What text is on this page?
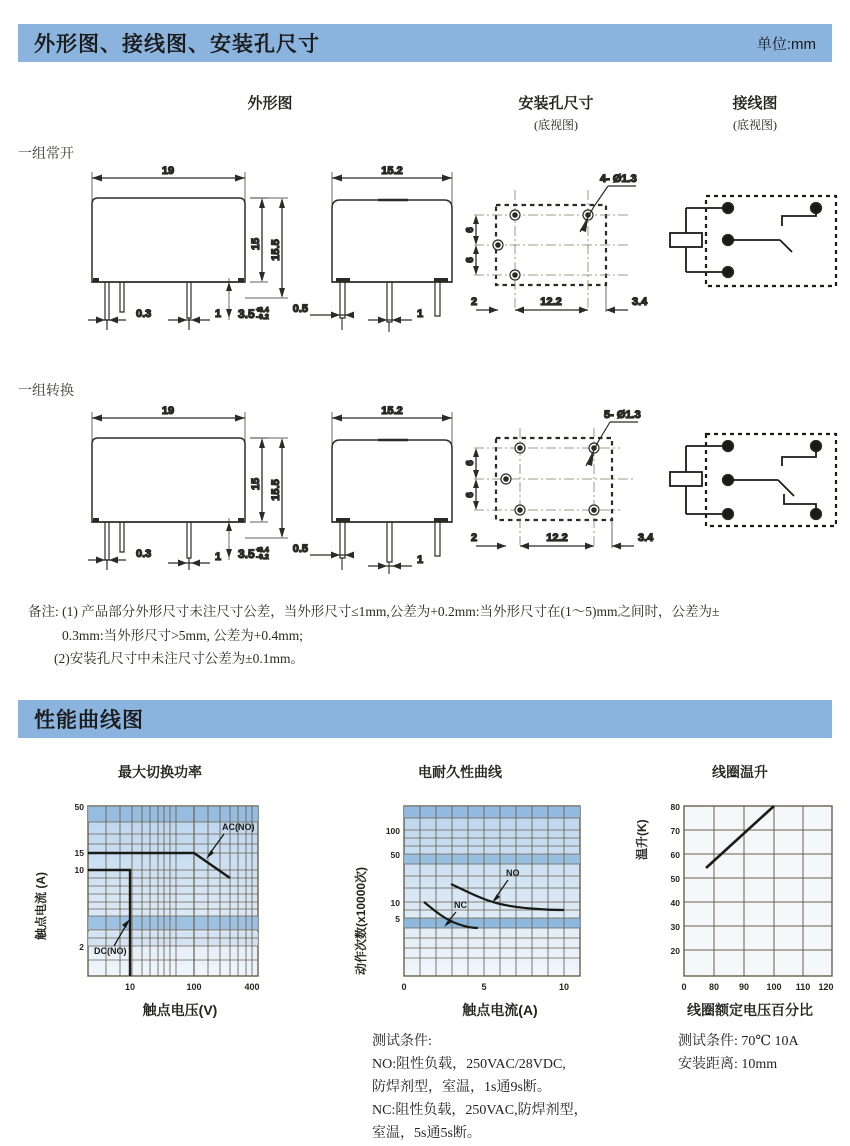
外形图、接线图、安装孔尺寸	单位:mm
外形图	安装孔尺寸
(底视图)
接线图
(底视图)
一组常开
19
15 15.5
0.3	1 3.5 0.4
0.2
+
-
15.2
0.5	1
4- Ø1.3
6
6
2	12.2	3.4
一组转换
19
15 15.5
0.3	1 3.5 0.4
0.2
+
-
15.2
0.5
1
5- Ø1.3
6
6
2	12.2	3.4
备注: (1) 产品部分外形尺寸未注尺寸公差，当外形尺寸≤1mm,公差为+0.2mm:当外形尺寸在(1～5)mm之间时，公差为±
0.3mm:当外形尺寸>5mm, 公差为+0.4mm;
(2)安装孔尺寸中未注尺寸公差为±0.1mm。
性能曲线图
最大切换功率	电耐久性曲线	线圈温升
触点电流 (A)
AC(NO)
DC(NO)
50
15
10
2
10	100	400
触点电压(V)
动作次数(x10000次)	NO
NC
100
50
10
5
0	5	10
触点电流(A)
温升(K)
80
70
60
50
40
30
20
0 80 90 100 110 120
线圈额定电压百分比
测试条件:
NO:阻性负载，250VAC/28VDC,
防焊剂型，室温，1s通9s断。
NC:阻性负载，250VAC,防焊剂型，
室温，5s通5s断。
测试条件: 70℃ 10A
安装距离: 10mm
